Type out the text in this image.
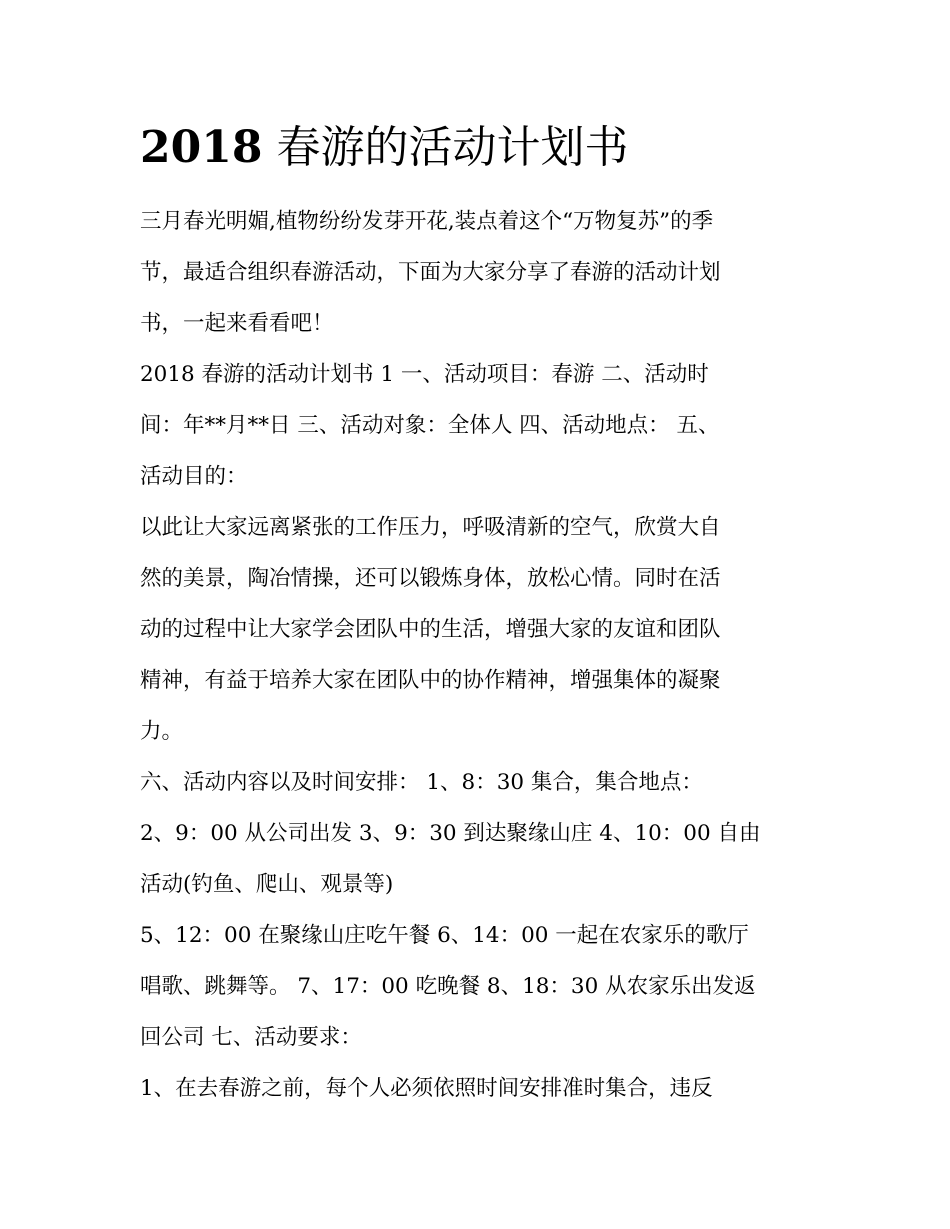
2018 春游的活动计划书
三月春光明媚,植物纷纷发芽开花,装点着这个“万物复苏”的季
节，最适合组织春游活动，下面为大家分享了春游的活动计划
书，一起来看看吧！
2018 春游的活动计划书 1 一、活动项目：春游 二、活动时
间：年**月**日 三、活动对象：全体人 四、活动地点： 五、
活动目的：
以此让大家远离紧张的工作压力，呼吸清新的空气，欣赏大自
然的美景，陶冶情操，还可以锻炼身体，放松心情。同时在活
动的过程中让大家学会团队中的生活，增强大家的友谊和团队
精神，有益于培养大家在团队中的协作精神，增强集体的凝聚
力。
六、活动内容以及时间安排： 1、8：30 集合，集合地点：
2、9：00 从公司出发 3、9：30 到达聚缘山庄 4、10：00 自由
活动(钓鱼、爬山、观景等)
5、12：00 在聚缘山庄吃午餐 6、14：00 一起在农家乐的歌厅
唱歌、跳舞等。 7、17：00 吃晚餐 8、18：30 从农家乐出发返
回公司 七、活动要求：
1、在去春游之前，每个人必须依照时间安排准时集合，违反
